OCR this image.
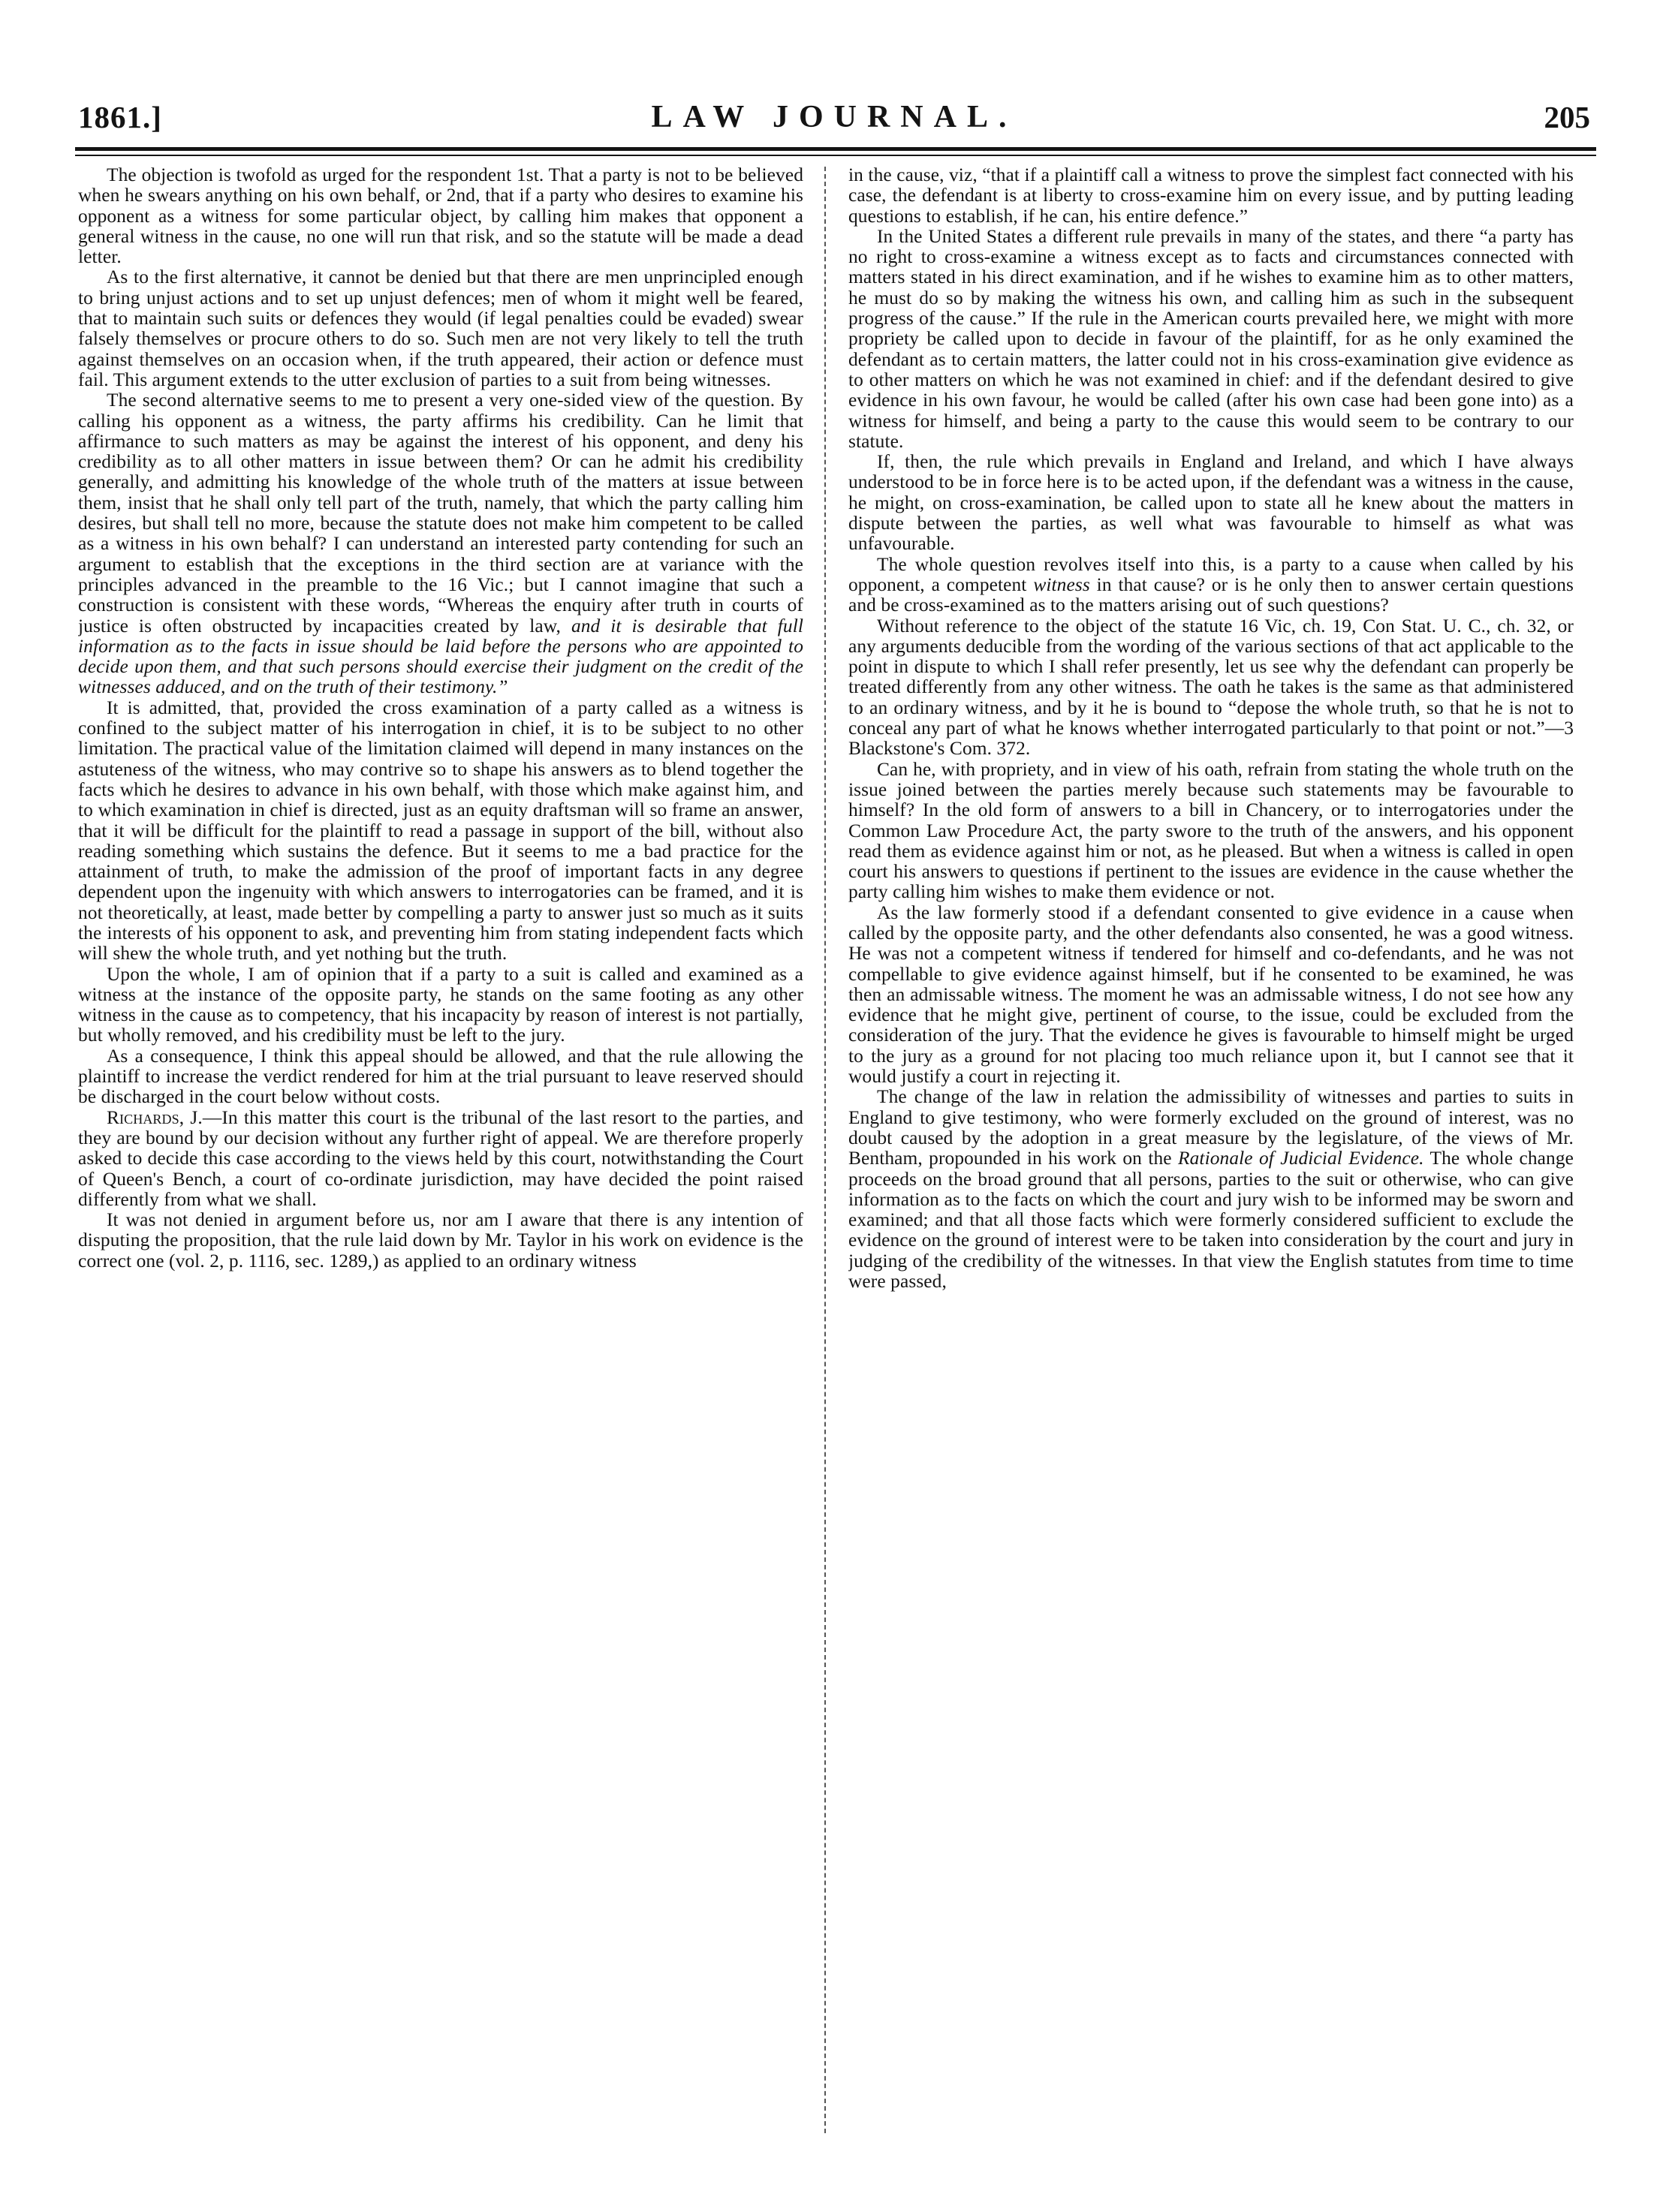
1861.]	LAW JOURNAL.	205

The objection is twofold as urged for the respondent 1st. That a party is not to be believed when he swears anything on his own behalf, or 2nd, that if a party who desires to examine his opponent as a witness for some particular object, by calling him makes that opponent a general witness in the cause, no one will run that risk, and so the statute will be made a dead letter.

As to the first alternative, it cannot be denied but that there are men unprincipled enough to bring unjust actions and to set up unjust defences; men of whom it might well be feared, that to maintain such suits or defences they would (if legal penalties could be evaded) swear falsely themselves or procure others to do so. Such men are not very likely to tell the truth against themselves on an occasion when, if the truth appeared, their action or defence must fail. This argument extends to the utter exclusion of parties to a suit from being witnesses.

The second alternative seems to me to present a very one-sided view of the question. By calling his opponent as a witness, the party affirms his credibility. Can he limit that affirmance to such matters as may be against the interest of his opponent, and deny his credibility as to all other matters in issue between them? Or can he admit his credibility generally, and admitting his knowledge of the whole truth of the matters at issue between them, insist that he shall only tell part of the truth, namely, that which the party calling him desires, but shall tell no more, because the statute does not make him competent to be called as a witness in his own behalf? I can understand an interested party contending for such an argument to establish that the exceptions in the third section are at variance with the principles advanced in the preamble to the 16 Vic.; but I cannot imagine that such a construction is consistent with these words, “Whereas the enquiry after truth in courts of justice is often obstructed by incapacities created by law, and it is desirable that full information as to the facts in issue should be laid before the persons who are appointed to decide upon them, and that such persons should exercise their judgment on the credit of the witnesses adduced, and on the truth of their testimony.”

It is admitted, that, provided the cross examination of a party called as a witness is confined to the subject matter of his interrogation in chief, it is to be subject to no other limitation. The practical value of the limitation claimed will depend in many instances on the astuteness of the witness, who may contrive so to shape his answers as to blend together the facts which he desires to advance in his own behalf, with those which make against him, and to which examination in chief is directed, just as an equity draftsman will so frame an answer, that it will be difficult for the plaintiff to read a passage in support of the bill, without also reading something which sustains the defence. But it seems to me a bad practice for the attainment of truth, to make the admission of the proof of important facts in any degree dependent upon the ingenuity with which answers to interrogatories can be framed, and it is not theoretically, at least, made better by compelling a party to answer just so much as it suits the interests of his opponent to ask, and preventing him from stating independent facts which will shew the whole truth, and yet nothing but the truth.

Upon the whole, I am of opinion that if a party to a suit is called and examined as a witness at the instance of the opposite party, he stands on the same footing as any other witness in the cause as to competency, that his incapacity by reason of interest is not partially, but wholly removed, and his credibility must be left to the jury.

As a consequence, I think this appeal should be allowed, and that the rule allowing the plaintiff to increase the verdict rendered for him at the trial pursuant to leave reserved should be discharged in the court below without costs.

Richards, J.—In this matter this court is the tribunal of the last resort to the parties, and they are bound by our decision without any further right of appeal. We are therefore properly asked to decide this case according to the views held by this court, notwithstanding the Court of Queen's Bench, a court of co-ordinate jurisdiction, may have decided the point raised differently from what we shall.

It was not denied in argument before us, nor am I aware that there is any intention of disputing the proposition, that the rule laid down by Mr. Taylor in his work on evidence is the correct one (vol. 2, p. 1116, sec. 1289,) as applied to an ordinary witness

in the cause, viz, “that if a plaintiff call a witness to prove the simplest fact connected with his case, the defendant is at liberty to cross-examine him on every issue, and by putting leading questions to establish, if he can, his entire defence.”

In the United States a different rule prevails in many of the states, and there “a party has no right to cross-examine a witness except as to facts and circumstances connected with matters stated in his direct examination, and if he wishes to examine him as to other matters, he must do so by making the witness his own, and calling him as such in the subsequent progress of the cause.” If the rule in the American courts prevailed here, we might with more propriety be called upon to decide in favour of the plaintiff, for as he only examined the defendant as to certain matters, the latter could not in his cross-examination give evidence as to other matters on which he was not examined in chief: and if the defendant desired to give evidence in his own favour, he would be called (after his own case had been gone into) as a witness for himself, and being a party to the cause this would seem to be contrary to our statute.

If, then, the rule which prevails in England and Ireland, and which I have always understood to be in force here is to be acted upon, if the defendant was a witness in the cause, he might, on cross-examination, be called upon to state all he knew about the matters in dispute between the parties, as well what was favourable to himself as what was unfavourable.

The whole question revolves itself into this, is a party to a cause when called by his opponent, a competent witness in that cause? or is he only then to answer certain questions and be cross-examined as to the matters arising out of such questions?

Without reference to the object of the statute 16 Vic, ch. 19, Con Stat. U. C., ch. 32, or any arguments deducible from the wording of the various sections of that act applicable to the point in dispute to which I shall refer presently, let us see why the defendant can properly be treated differently from any other witness. The oath he takes is the same as that administered to an ordinary witness, and by it he is bound to “depose the whole truth, so that he is not to conceal any part of what he knows whether interrogated particularly to that point or not.”—3 Blackstone's Com. 372.

Can he, with propriety, and in view of his oath, refrain from stating the whole truth on the issue joined between the parties merely because such statements may be favourable to himself? In the old form of answers to a bill in Chancery, or to interrogatories under the Common Law Procedure Act, the party swore to the truth of the answers, and his opponent read them as evidence against him or not, as he pleased. But when a witness is called in open court his answers to questions if pertinent to the issues are evidence in the cause whether the party calling him wishes to make them evidence or not.

As the law formerly stood if a defendant consented to give evidence in a cause when called by the opposite party, and the other defendants also consented, he was a good witness. He was not a competent witness if tendered for himself and co-defendants, and he was not compellable to give evidence against himself, but if he consented to be examined, he was then an admissable witness. The moment he was an admissable witness, I do not see how any evidence that he might give, pertinent of course, to the issue, could be excluded from the consideration of the jury. That the evidence he gives is favourable to himself might be urged to the jury as a ground for not placing too much reliance upon it, but I cannot see that it would justify a court in rejecting it.

The change of the law in relation the admissibility of witnesses and parties to suits in England to give testimony, who were formerly excluded on the ground of interest, was no doubt caused by the adoption in a great measure by the legislature, of the views of Mr. Bentham, propounded in his work on the Rationale of Judicial Evidence. The whole change proceeds on the broad ground that all persons, parties to the suit or otherwise, who can give information as to the facts on which the court and jury wish to be informed may be sworn and examined; and that all those facts which were formerly considered sufficient to exclude the evidence on the ground of interest were to be taken into consideration by the court and jury in judging of the credibility of the witnesses. In that view the English statutes from time to time were passed,
